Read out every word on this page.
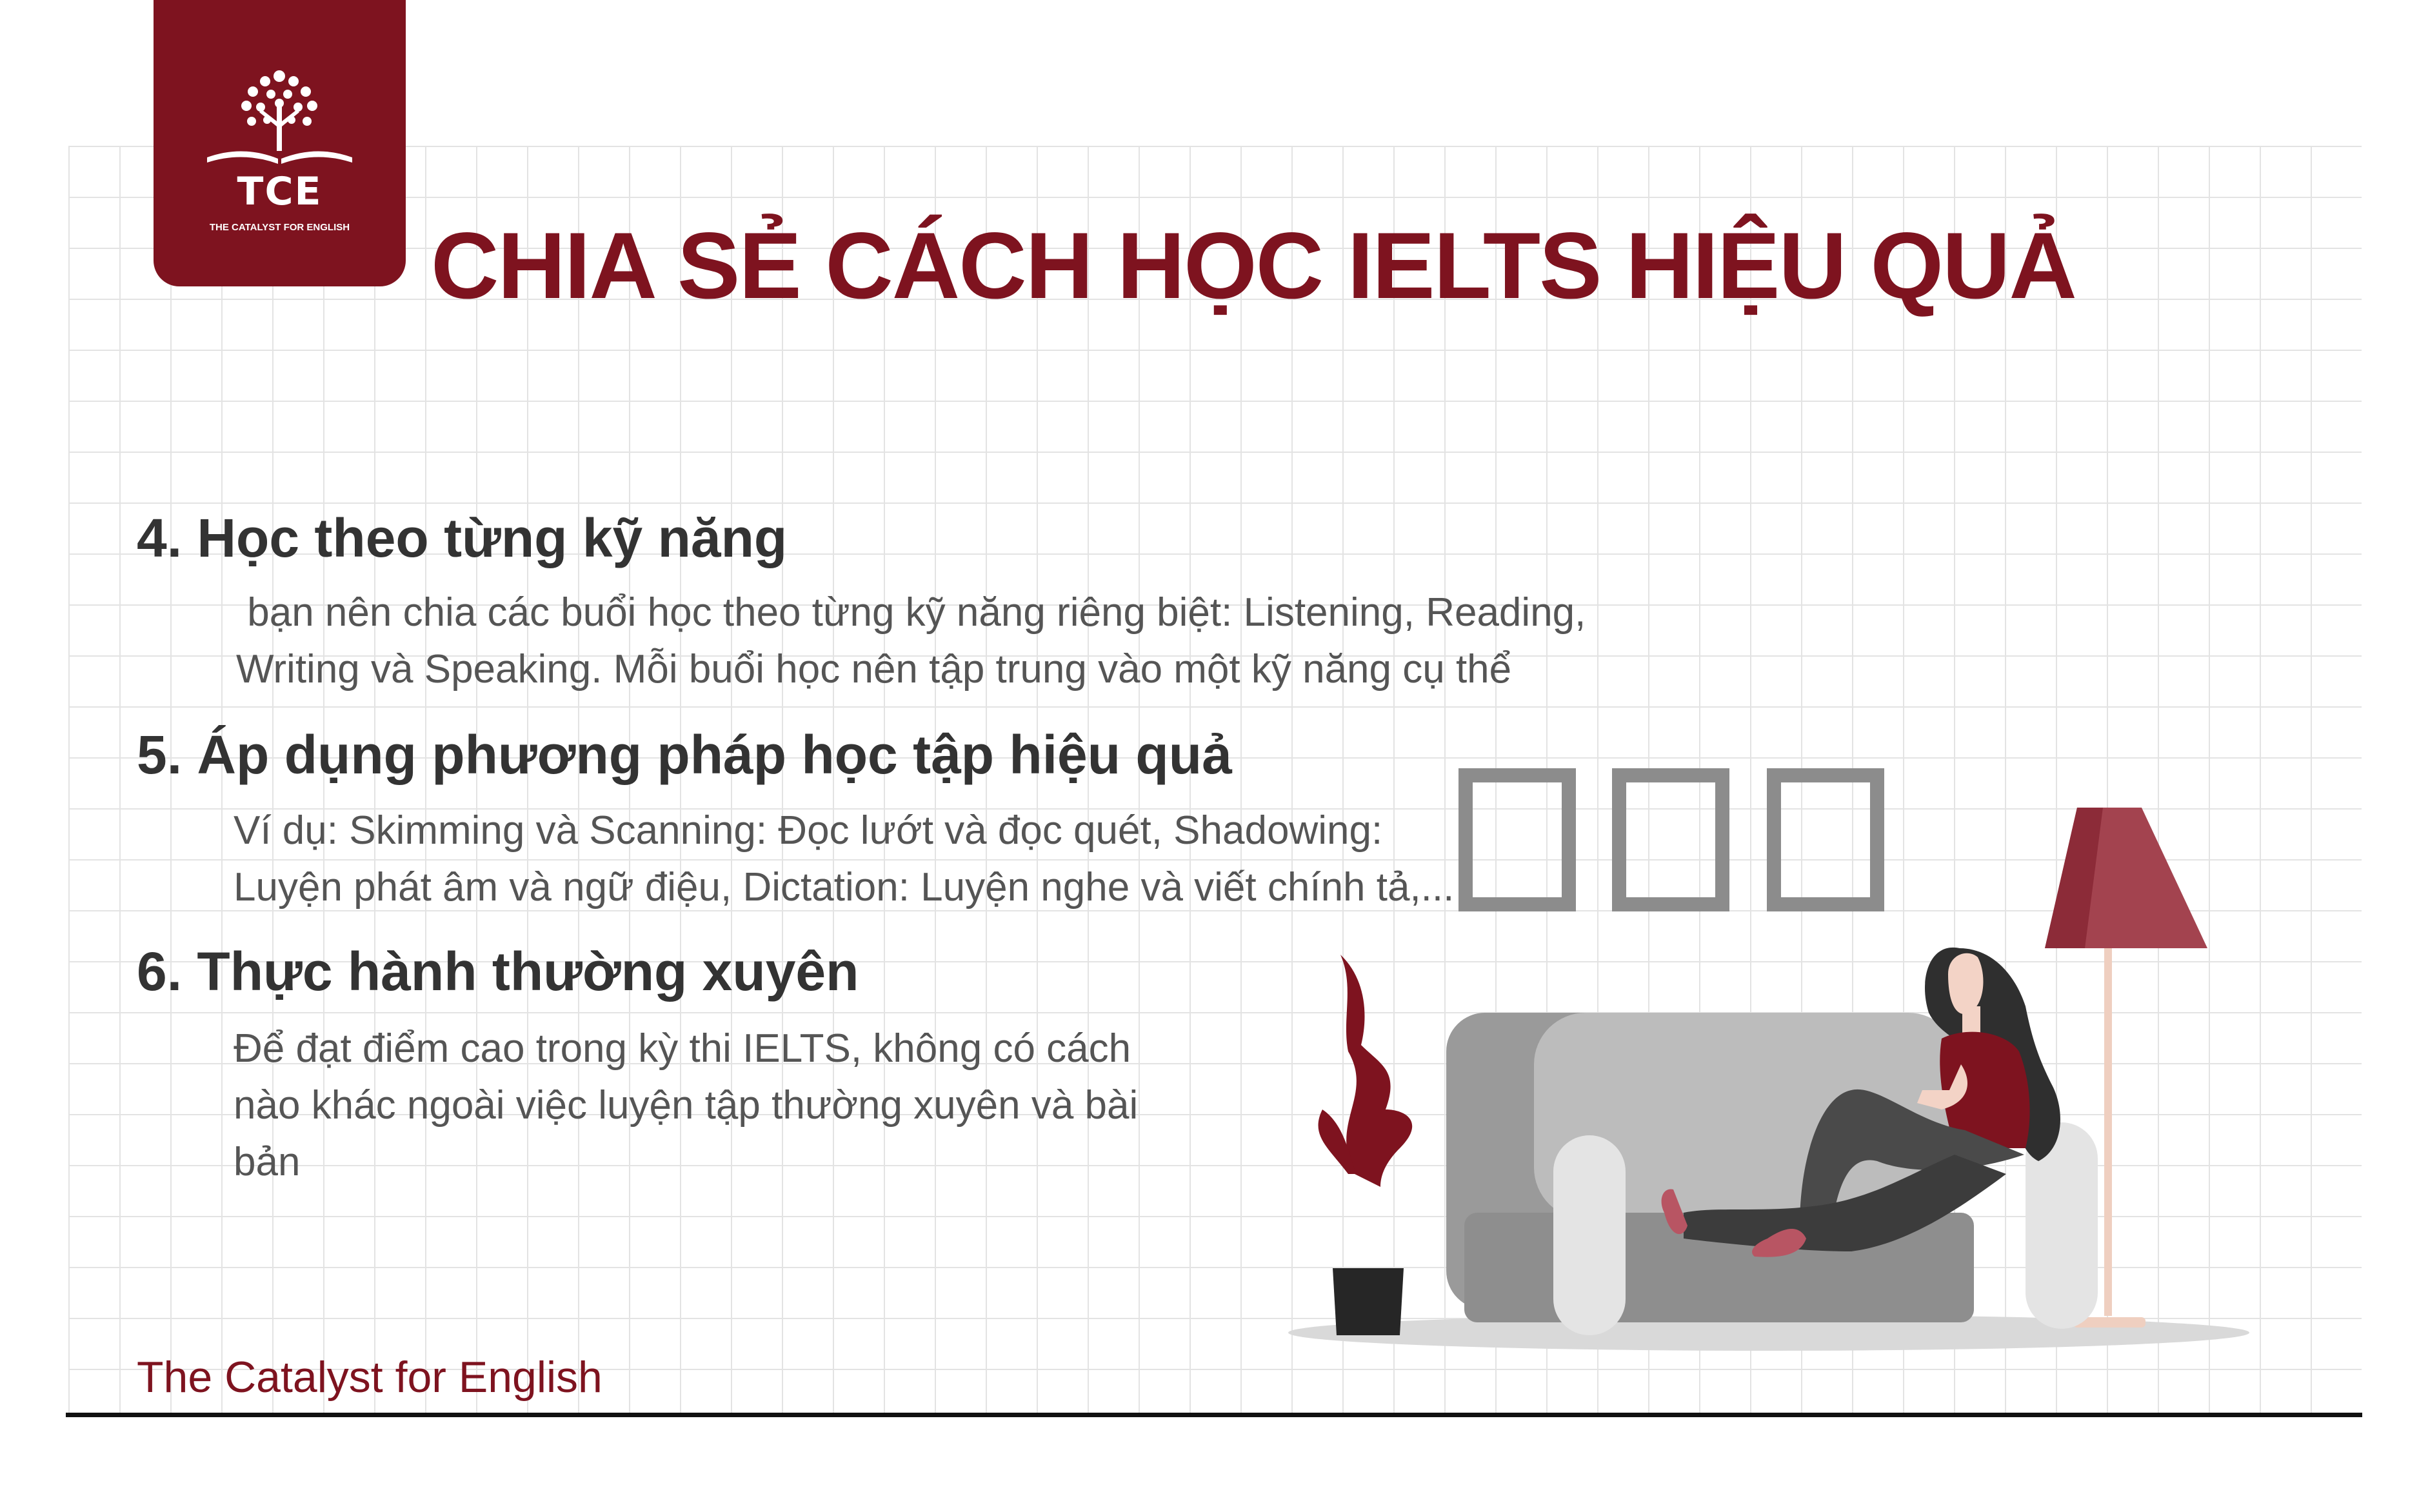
TCE
THE CATALYST FOR ENGLISH CHIA SẺ CÁCH HỌC IELTS HIỆU QUẢ
4. Học theo từng kỹ năng
bạn nên chia các buổi học theo từng kỹ năng riêng biệt: Listening, Reading,
Writing và Speaking. Mỗi buổi học nên tập trung vào một kỹ năng cụ thể
5. Áp dụng phương pháp học tập hiệu quả
Ví dụ: Skimming và Scanning: Đọc lướt và đọc quét, Shadowing:
Luyện phát âm và ngữ điệu, Dictation: Luyện nghe và viết chính tả,...
6. Thực hành thường xuyên
Để đạt điểm cao trong kỳ thi IELTS, không có cách
nào khác ngoài việc luyện tập thường xuyên và bài
bản
The Catalyst for English
